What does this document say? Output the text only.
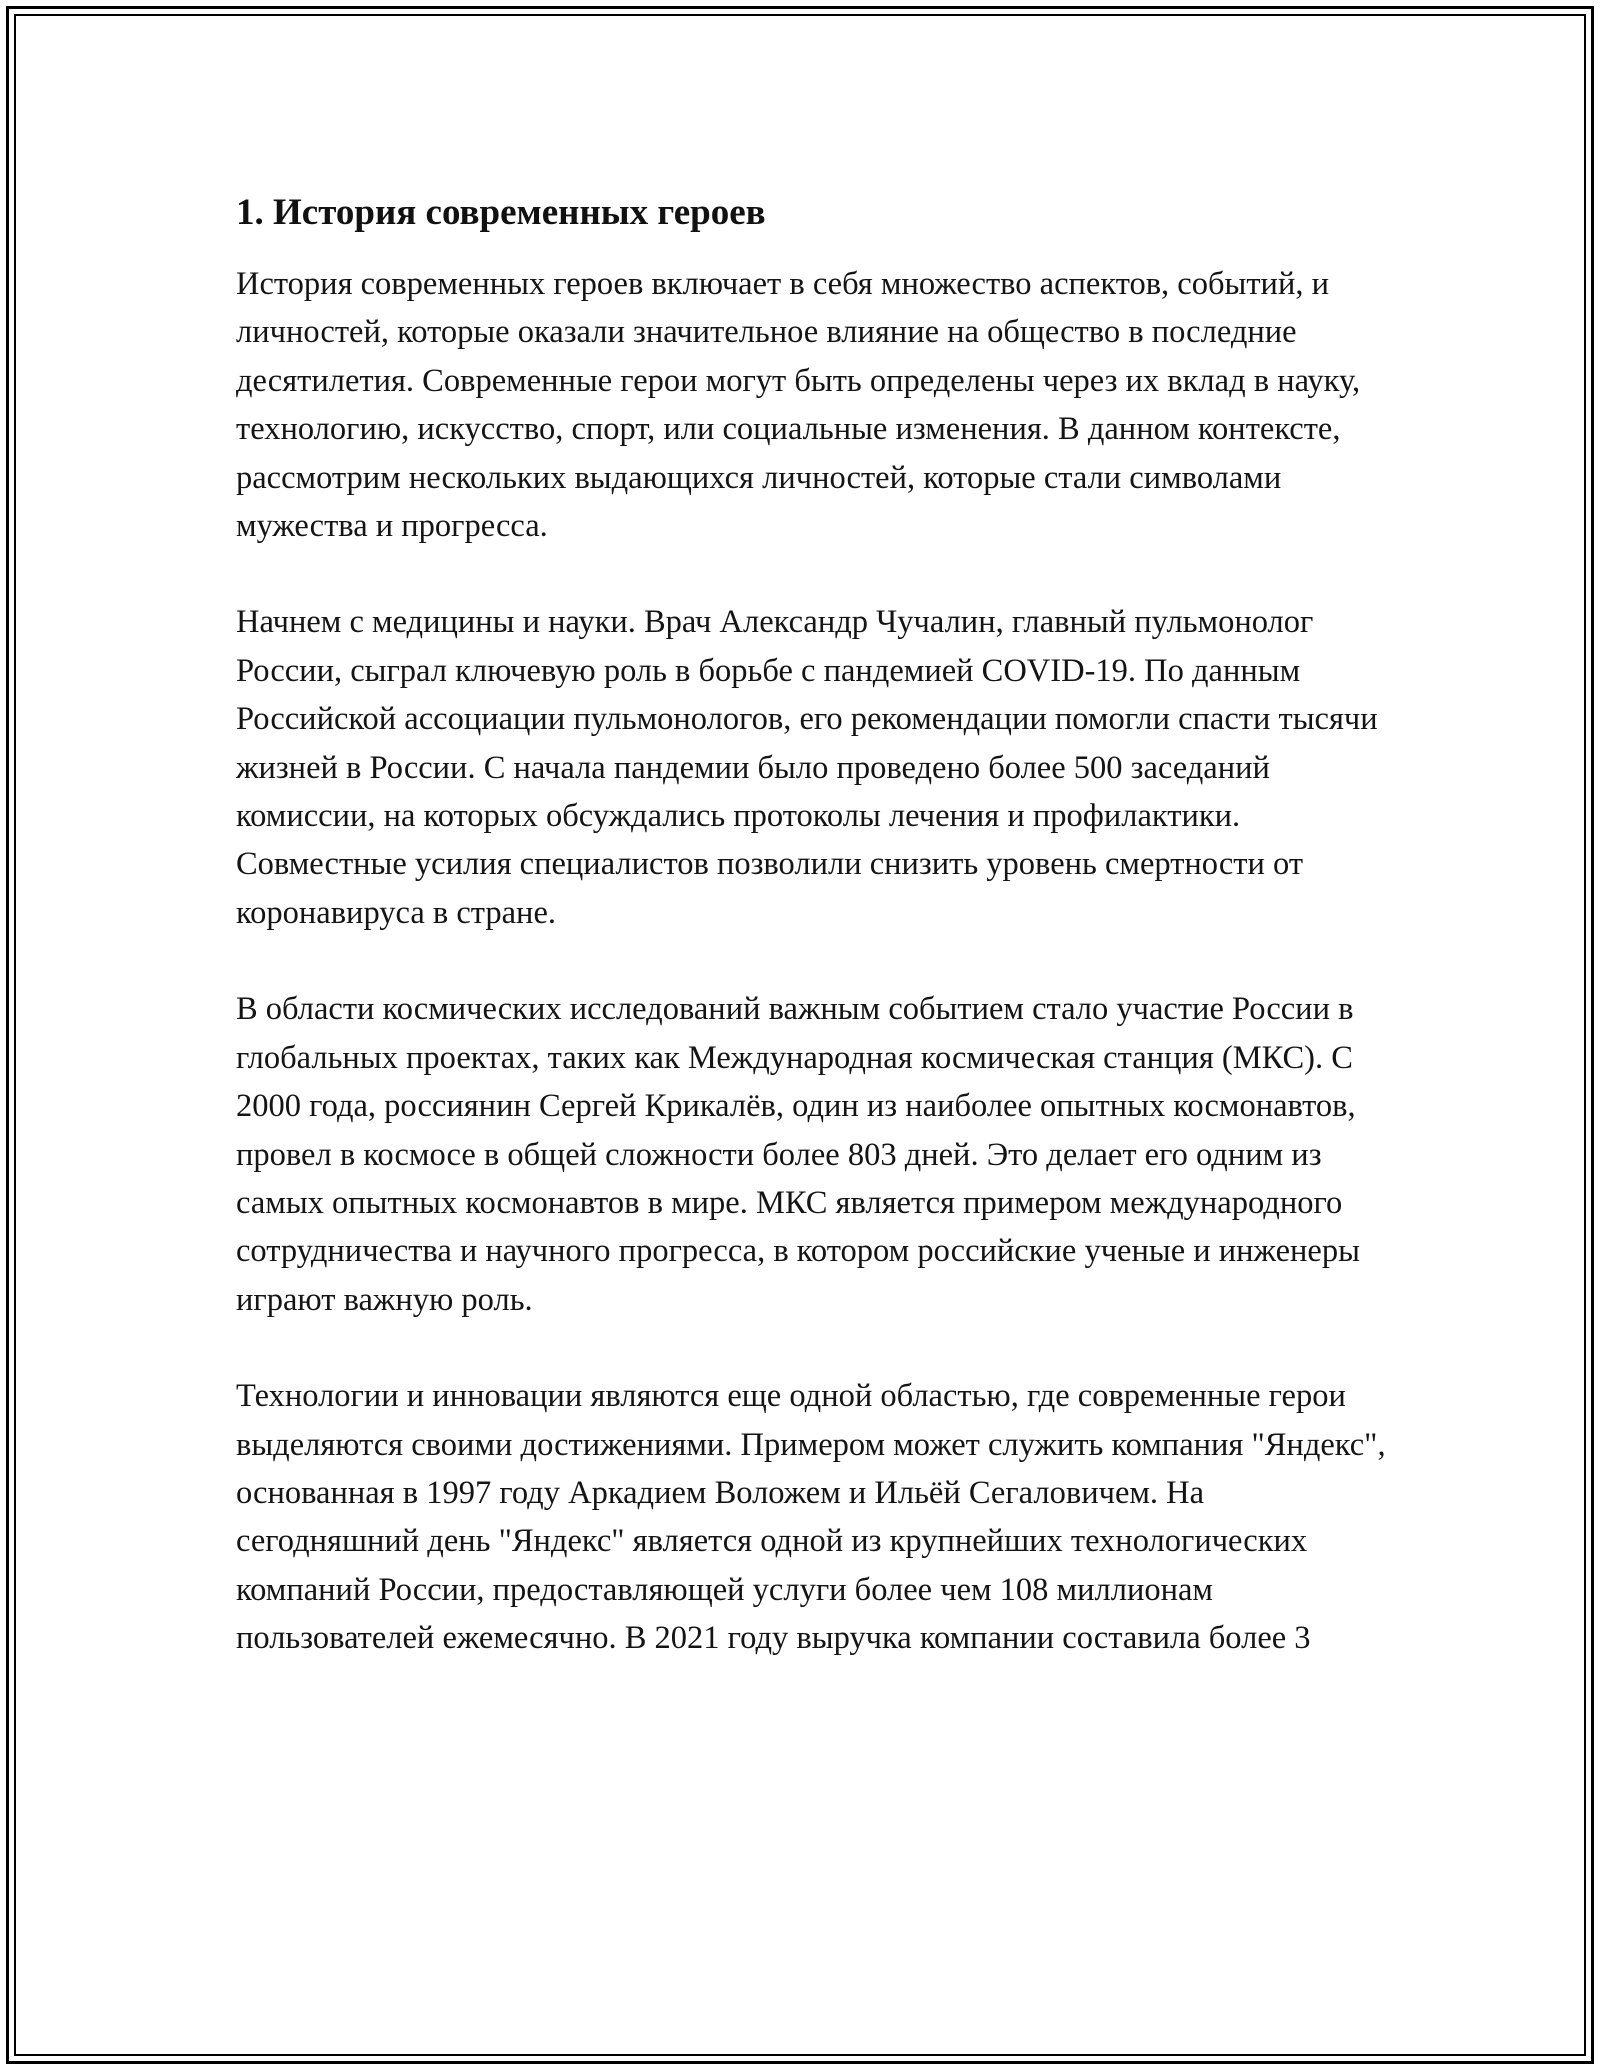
1. История современных героев

История современных героев включает в себя множество аспектов, событий, и личностей, которые оказали значительное влияние на общество в последние десятилетия. Современные герои могут быть определены через их вклад в науку, технологию, искусство, спорт, или социальные изменения. В данном контексте, рассмотрим нескольких выдающихся личностей, которые стали символами мужества и прогресса.

Начнем с медицины и науки. Врач Александр Чучалин, главный пульмонолог России, сыграл ключевую роль в борьбе с пандемией COVID-19. По данным Российской ассоциации пульмонологов, его рекомендации помогли спасти тысячи жизней в России. С начала пандемии было проведено более 500 заседаний комиссии, на которых обсуждались протоколы лечения и профилактики. Совместные усилия специалистов позволили снизить уровень смертности от коронавируса в стране.

В области космических исследований важным событием стало участие России в глобальных проектах, таких как Международная космическая станция (МКС). С 2000 года, россиянин Сергей Крикалёв, один из наиболее опытных космонавтов, провел в космосе в общей сложности более 803 дней. Это делает его одним из самых опытных космонавтов в мире. МКС является примером международного сотрудничества и научного прогресса, в котором российские ученые и инженеры играют важную роль.

Технологии и инновации являются еще одной областью, где современные герои выделяются своими достижениями. Примером может служить компания "Яндекс", основанная в 1997 году Аркадием Воложем и Ильёй Сегаловичем. На сегодняшний день "Яндекс" является одной из крупнейших технологических компаний России, предоставляющей услуги более чем 108 миллионам пользователей ежемесячно. В 2021 году выручка компании составила более 3
